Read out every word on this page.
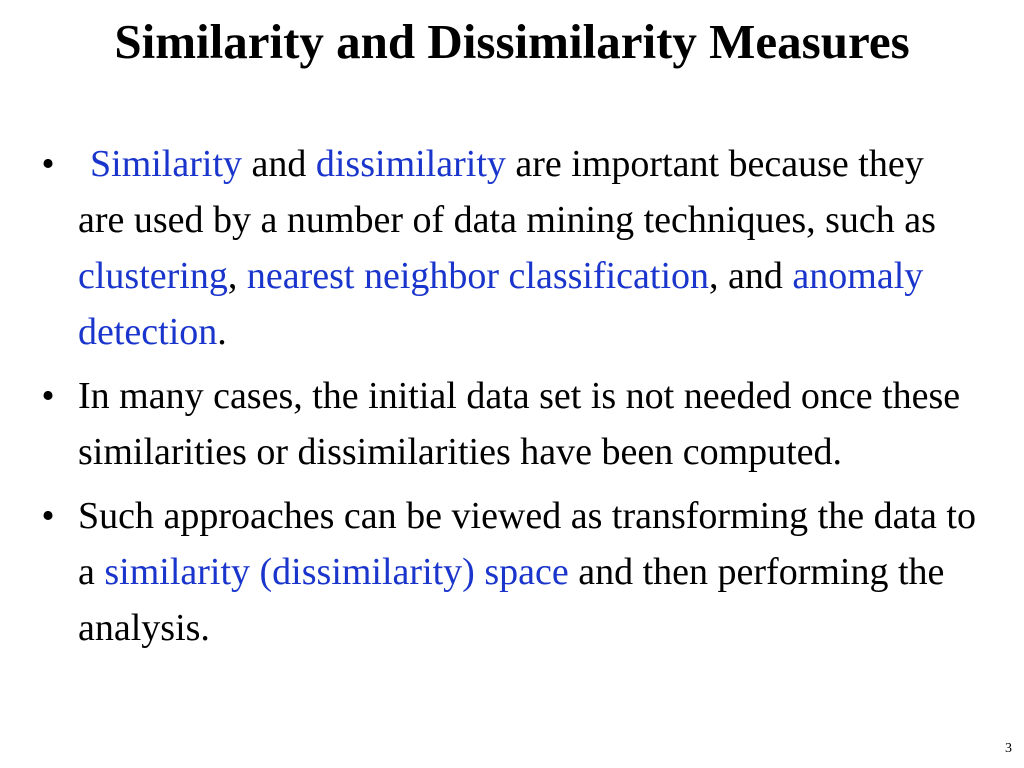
Similarity and Dissimilarity Measures
• Similarity and dissimilarity are important because they are used by a number of data mining techniques, such as clustering, nearest neighbor classification, and anomaly detection.
• In many cases, the initial data set is not needed once these similarities or dissimilarities have been computed.
• Such approaches can be viewed as transforming the data to a similarity (dissimilarity) space and then performing the analysis.
3
